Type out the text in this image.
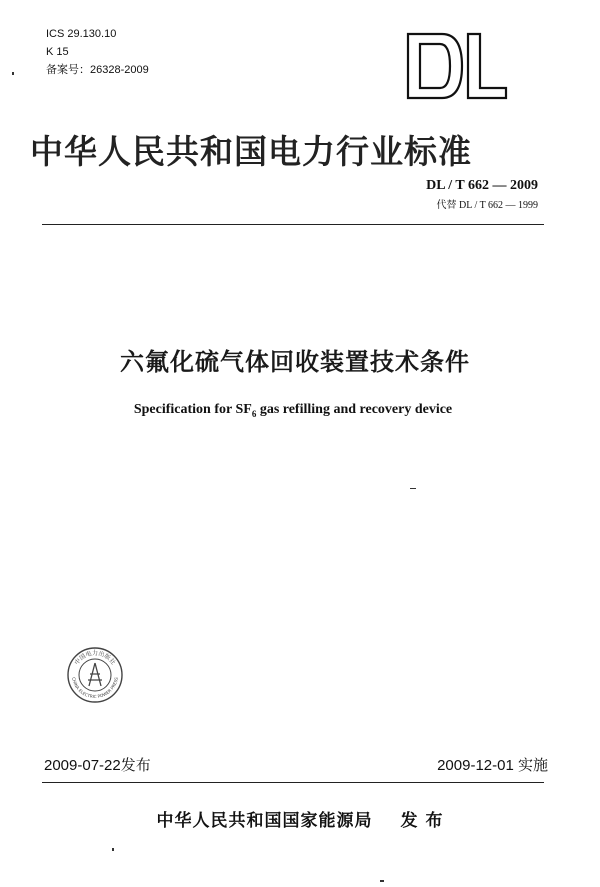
ICS 29.130.10
K 15
备案号：26328-2009
中华人民共和国电力行业标准
DL / T 662 — 2009
代替 DL / T 662 — 1999
六氟化硫气体回收装置技术条件
Specification for $SF_6$ gas refilling and recovery device
中国电力出版社
CHINA ELECTRIC POWER PRESS
2009-07-22发布	2009-12-01 实施
中华人民共和国国家能源局 发 布
